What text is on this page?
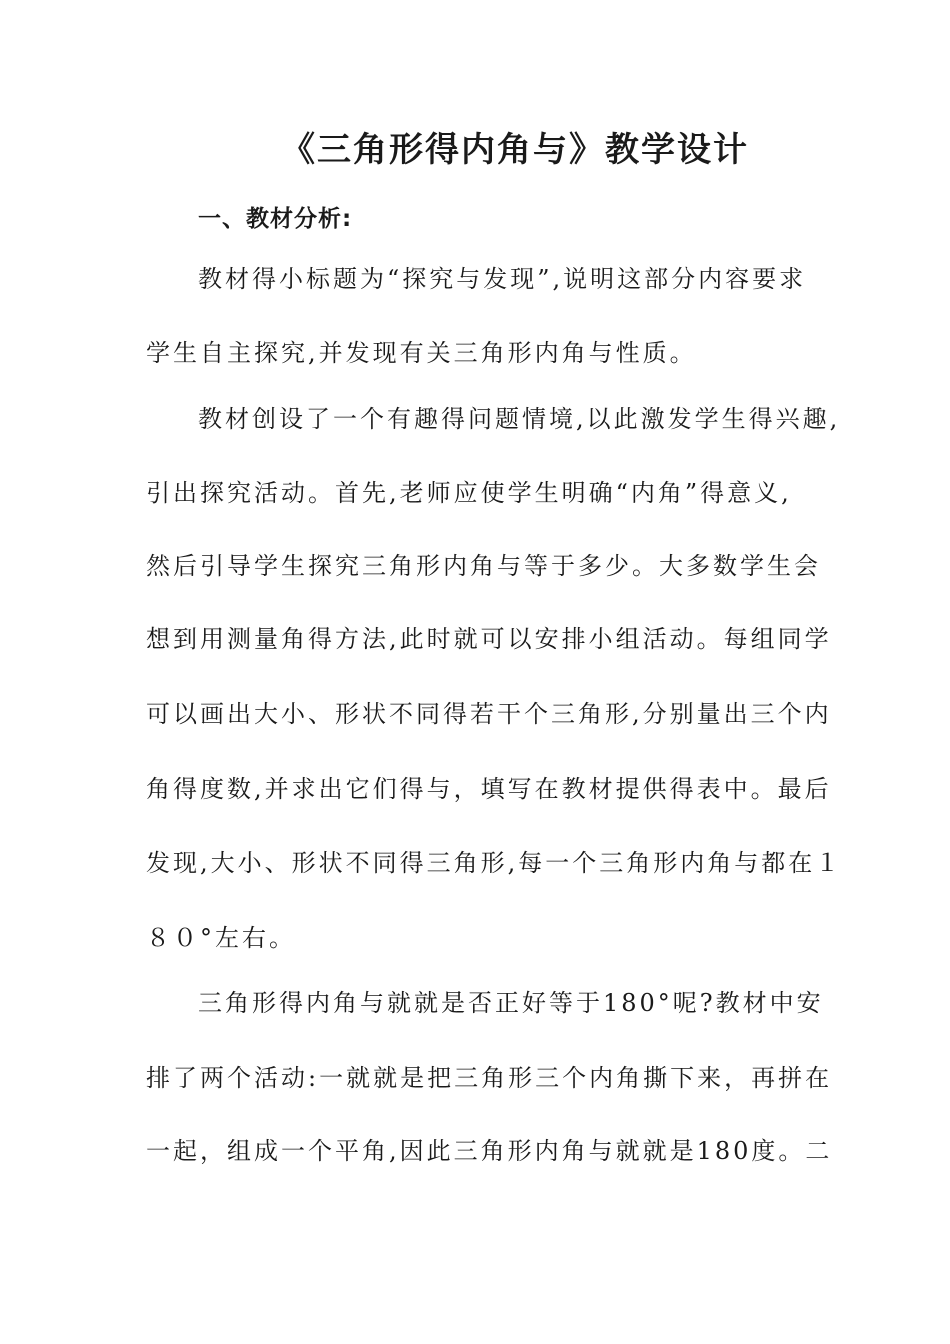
《三角形得内角与》教学设计
一、教材分析:
教材得小标题为“探究与发现”,说明这部分内容要求
学生自主探究,并发现有关三角形内角与性质。
教材创设了一个有趣得问题情境,以此激发学生得兴趣,
引出探究活动。首先,老师应使学生明确“内角”得意义,
然后引导学生探究三角形内角与等于多少。大多数学生会
想到用测量角得方法,此时就可以安排小组活动。每组同学
可以画出大小、形状不同得若干个三角形,分别量出三个内
角得度数,并求出它们得与，填写在教材提供得表中。最后
发现,大小、形状不同得三角形,每一个三角形内角与都在１
８０°左右。
三角形得内角与就就是否正好等于180°呢?教材中安
排了两个活动:一就就是把三角形三个内角撕下来，再拼在
一起，组成一个平角,因此三角形内角与就就是180度。二
